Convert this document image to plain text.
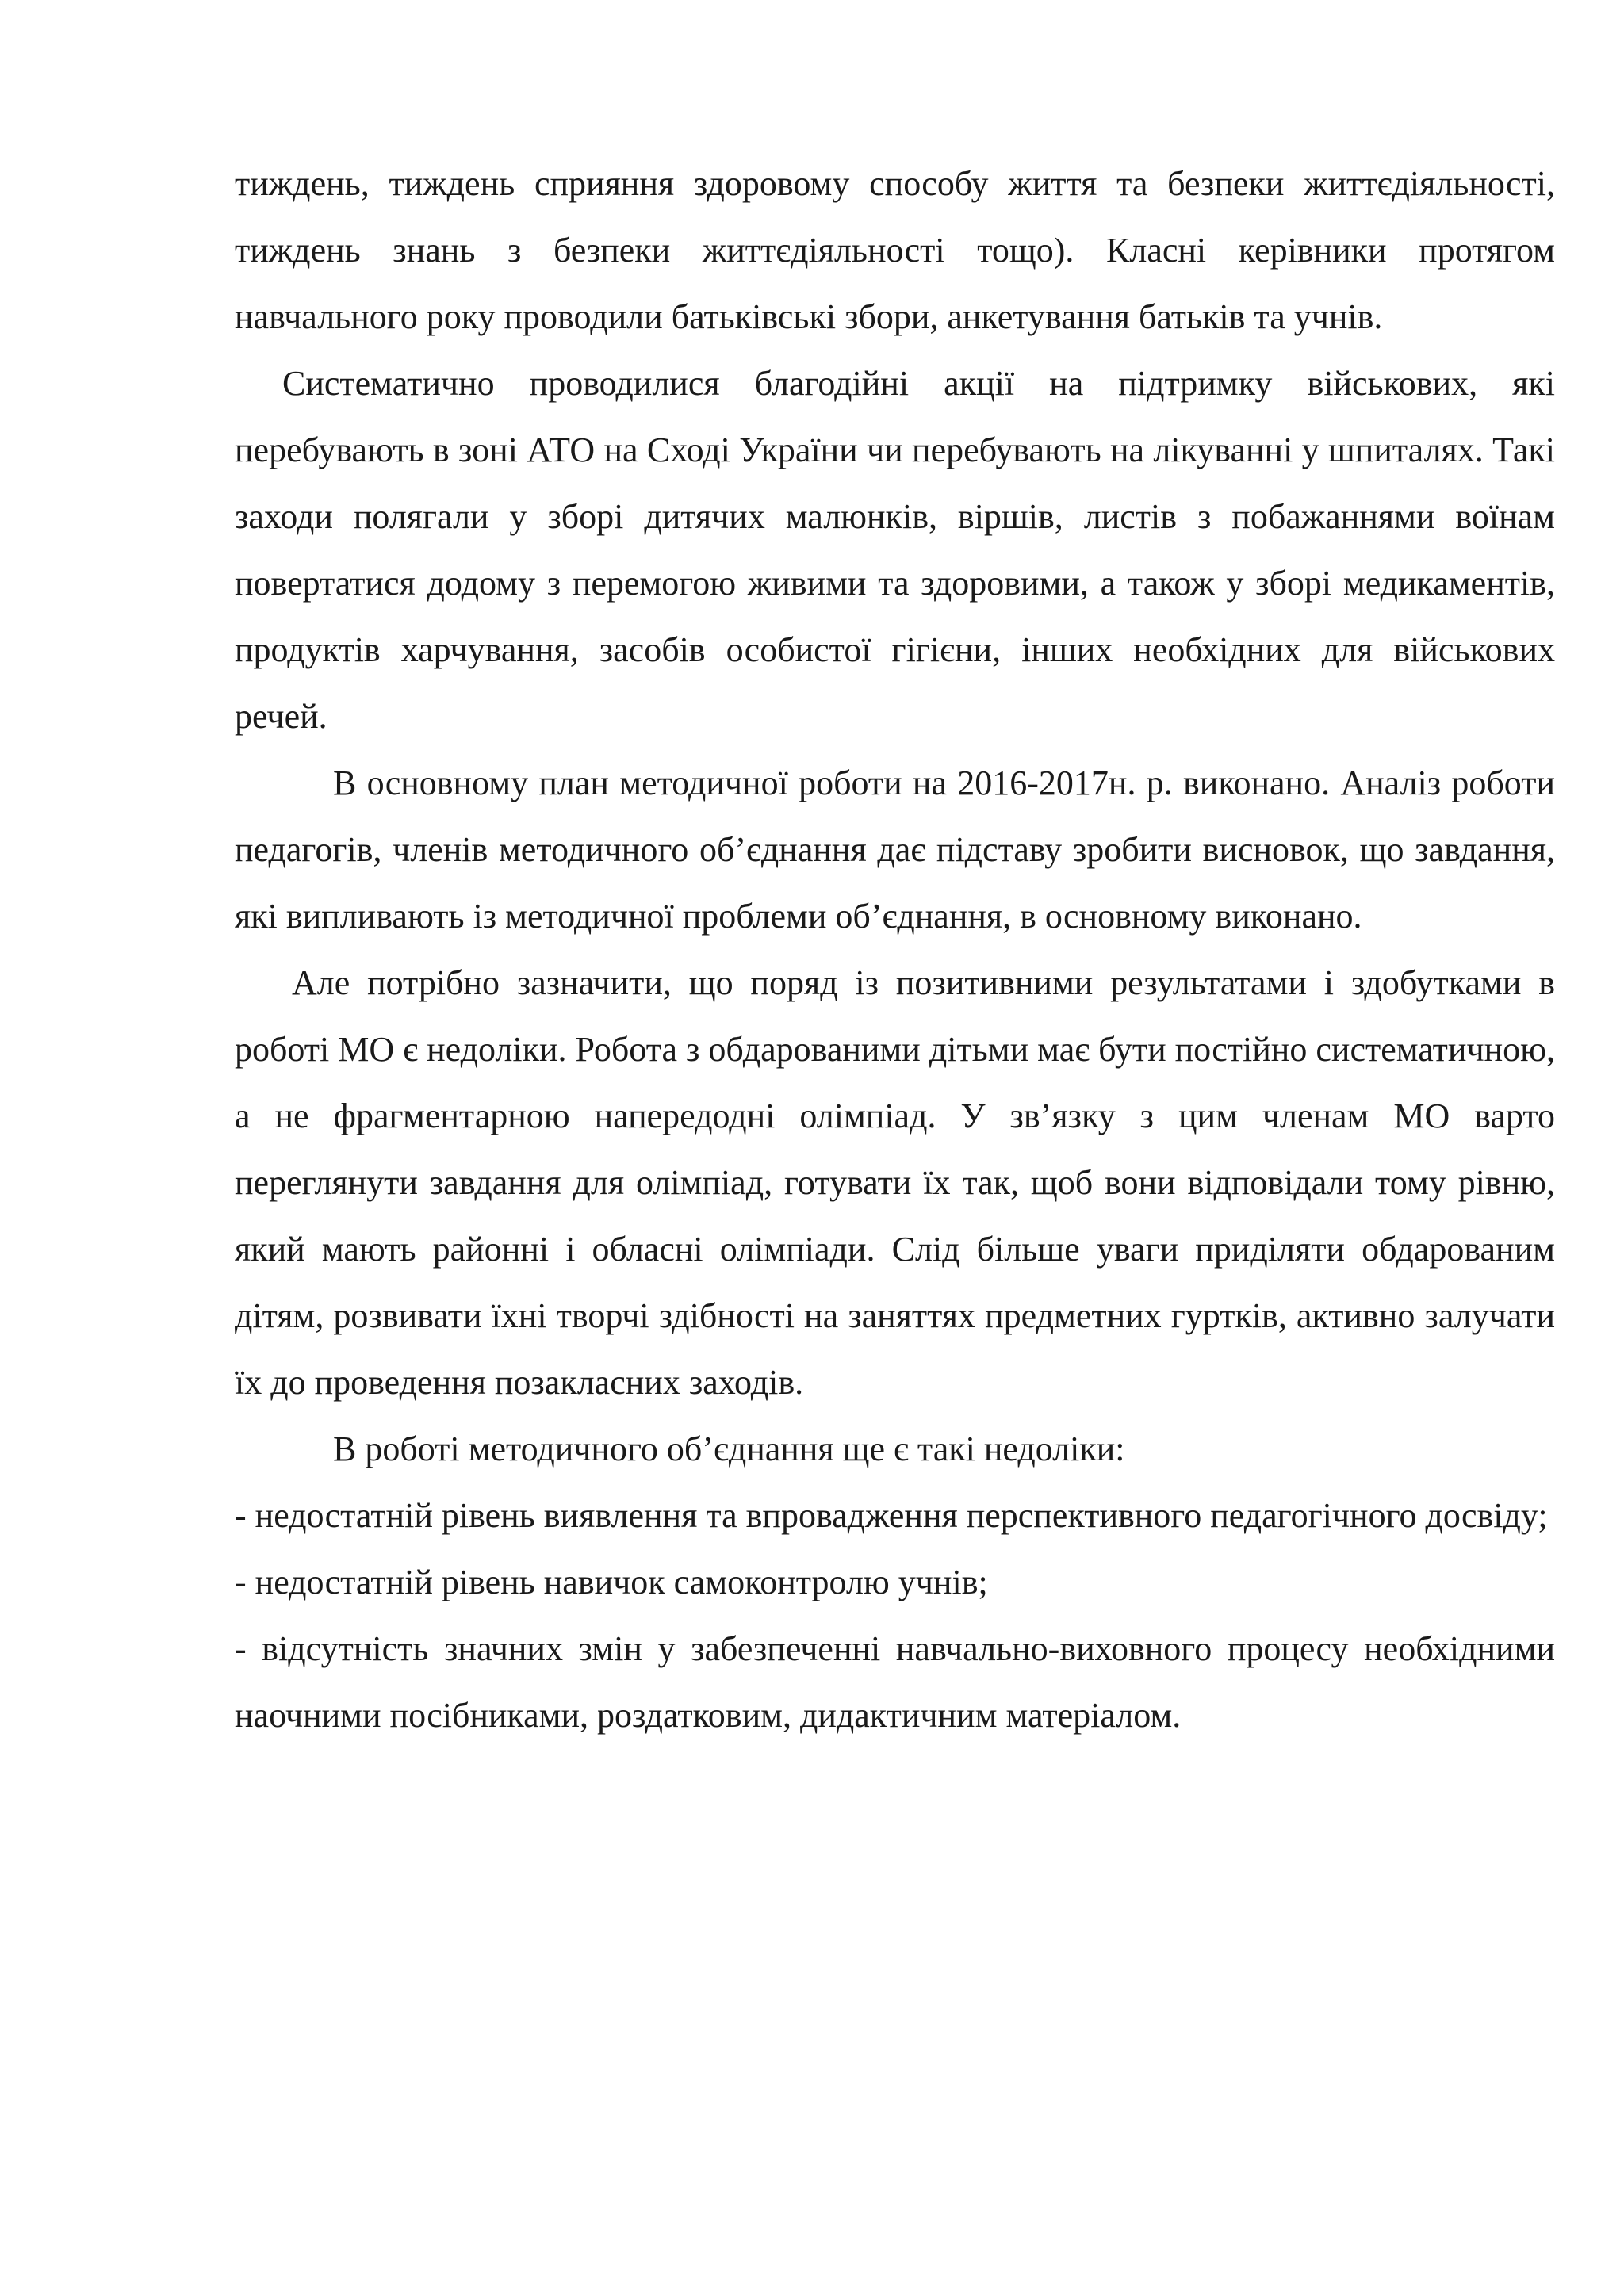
тиждень, тиждень сприяння здоровому способу життя та безпеки життєдіяльності, тиждень знань з безпеки життєдіяльності тощо). Класні керівники протягом навчального року проводили батьківські збори, анкетування батьків та учнів.

Систематично проводилися благодійні акції на підтримку військових, які перебувають в зоні АТО на Сході України чи перебувають на лікуванні у шпиталях. Такі заходи полягали у зборі дитячих малюнків, віршів, листів з побажаннями воїнам повертатися додому з перемогою живими та здоровими, а також у зборі медикаментів, продуктів харчування, засобів особистої гігієни, інших необхідних для військових речей.

В основному план методичної роботи на 2016-2017н. р. виконано. Аналіз роботи педагогів, членів методичного об’єднання дає підставу зробити висновок, що завдання, які випливають із методичної проблеми об’єднання, в основному виконано.

Але потрібно зазначити, що поряд із позитивними результатами і здобутками в роботі МО є недоліки. Робота з обдарованими дітьми має бути постійно систематичною, а не фрагментарною напередодні олімпіад. У зв’язку з цим членам МО варто переглянути завдання для олімпіад, готувати їх так, щоб вони відповідали тому рівню, який мають районні і обласні олімпіади. Слід більше уваги приділяти обдарованим дітям, розвивати їхні творчі здібності на заняттях предметних гуртків, активно залучати їх до проведення позакласних заходів.

В роботі методичного об’єднання ще є такі недоліки:

- недостатній рівень виявлення та впровадження перспективного педагогічного досвіду;

- недостатній рівень навичок самоконтролю учнів;

- відсутність значних змін у забезпеченні навчально-виховного процесу необхідними наочними посібниками, роздатковим, дидактичним матеріалом.
